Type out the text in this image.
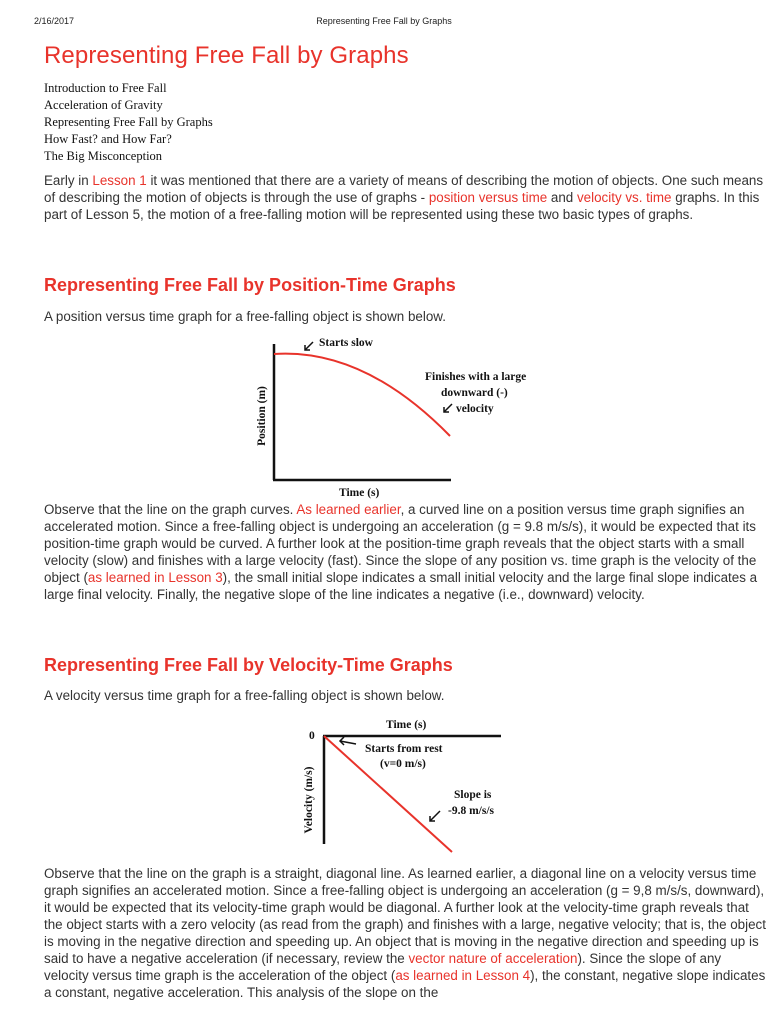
2/16/2017	Representing Free Fall by Graphs
Representing Free Fall by Graphs
Introduction to Free Fall
Acceleration of Gravity
Representing Free Fall by Graphs
How Fast? and How Far?
The Big Misconception

Early in Lesson 1 it was mentioned that there are a variety of means of describing the motion of objects. One such means of describing the motion of objects is through the use of graphs - position versus time and velocity vs. time graphs. In this part of Lesson 5, the motion of a free-falling motion will be represented using these two basic types of graphs.

Representing Free Fall by Position-Time Graphs

A position versus time graph for a free-falling object is shown below.

Time (s)
Position (m)
Starts slow
Finishes with a large
downward (-)
velocity

Observe that the line on the graph curves. As learned earlier, a curved line on a position versus time graph signifies an accelerated motion. Since a free-falling object is undergoing an acceleration (g = 9.8 m/s/s), it would be expected that its position-time graph would be curved. A further look at the position-time graph reveals that the object starts with a small velocity (slow) and finishes with a large velocity (fast). Since the slope of any position vs. time graph is the velocity of the object (as learned in Lesson 3), the small initial slope indicates a small initial velocity and the large final slope indicates a large final velocity. Finally, the negative slope of the line indicates a negative (i.e., downward) velocity.

Representing Free Fall by Velocity-Time Graphs

A velocity versus time graph for a free-falling object is shown below.

0
Time (s)
Velocity (m/s)
Starts from rest
(v=0 m/s)
Slope is
-9.8 m/s/s

Observe that the line on the graph is a straight, diagonal line. As learned earlier, a diagonal line on a velocity versus time graph signifies an accelerated motion. Since a free-falling object is undergoing an acceleration (g = 9,8 m/s/s, downward), it would be expected that its velocity-time graph would be diagonal. A further look at the velocity-time graph reveals that the object starts with a zero velocity (as read from the graph) and finishes with a large, negative velocity; that is, the object is moving in the negative direction and speeding up. An object that is moving in the negative direction and speeding up is said to have a negative acceleration (if necessary, review the vector nature of acceleration). Since the slope of any velocity versus time graph is the acceleration of the object (as learned in Lesson 4), the constant, negative slope indicates a constant, negative acceleration. This analysis of the slope on the
